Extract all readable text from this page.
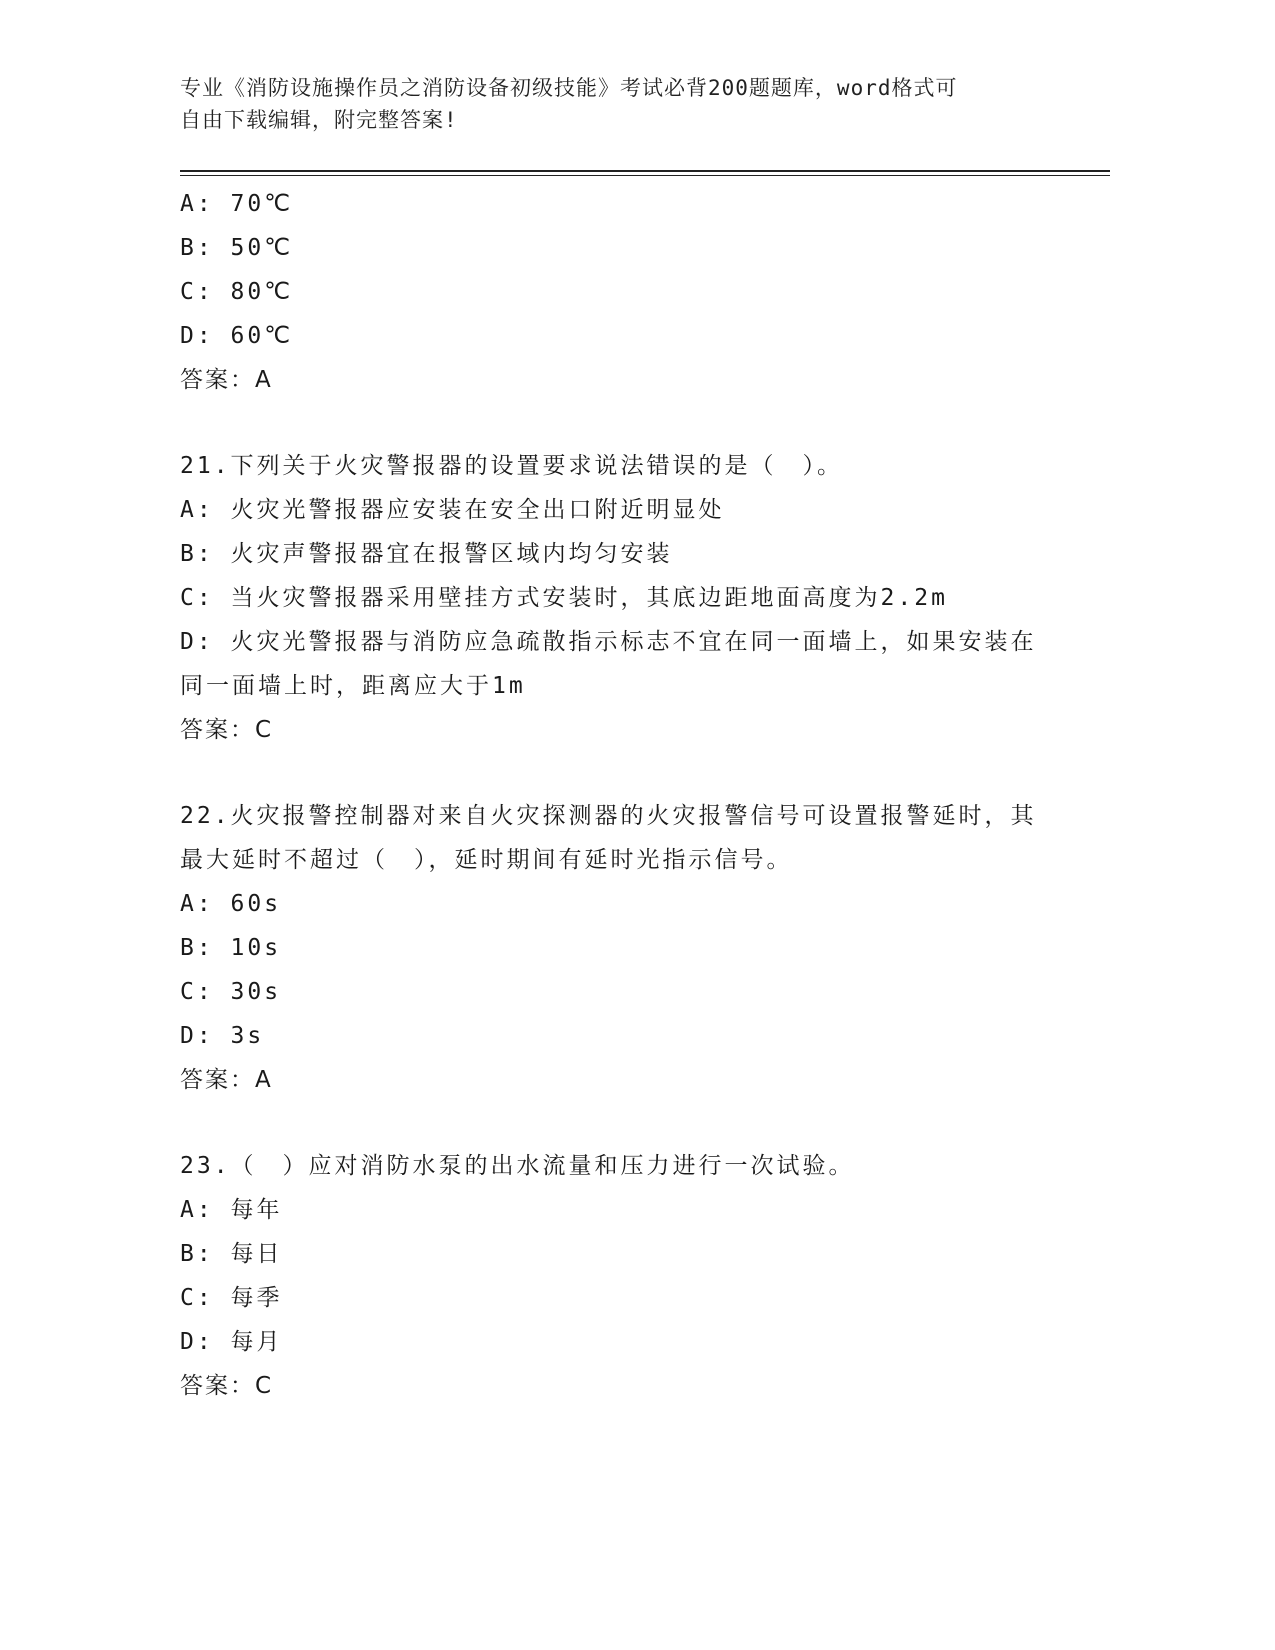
专业《消防设施操作员之消防设备初级技能》考试必背200题题库，word格式可
自由下载编辑，附完整答案!
A: 70℃
B: 50℃
C: 80℃
D: 60℃
答案：A
21.下列关于火灾警报器的设置要求说法错误的是（　）。
A: 火灾光警报器应安装在安全出口附近明显处
B: 火灾声警报器宜在报警区域内均匀安装
C: 当火灾警报器采用壁挂方式安装时，其底边距地面高度为2.2m
D: 火灾光警报器与消防应急疏散指示标志不宜在同一面墙上，如果安装在同一面墙上时，距离应大于1m
答案：C
22.火灾报警控制器对来自火灾探测器的火灾报警信号可设置报警延时，其最大延时不超过（　），延时期间有延时光指示信号。
A: 60s
B: 10s
C: 30s
D: 3s
答案：A
23.（　）应对消防水泵的出水流量和压力进行一次试验。
A: 每年
B: 每日
C: 每季
D: 每月
答案：C
